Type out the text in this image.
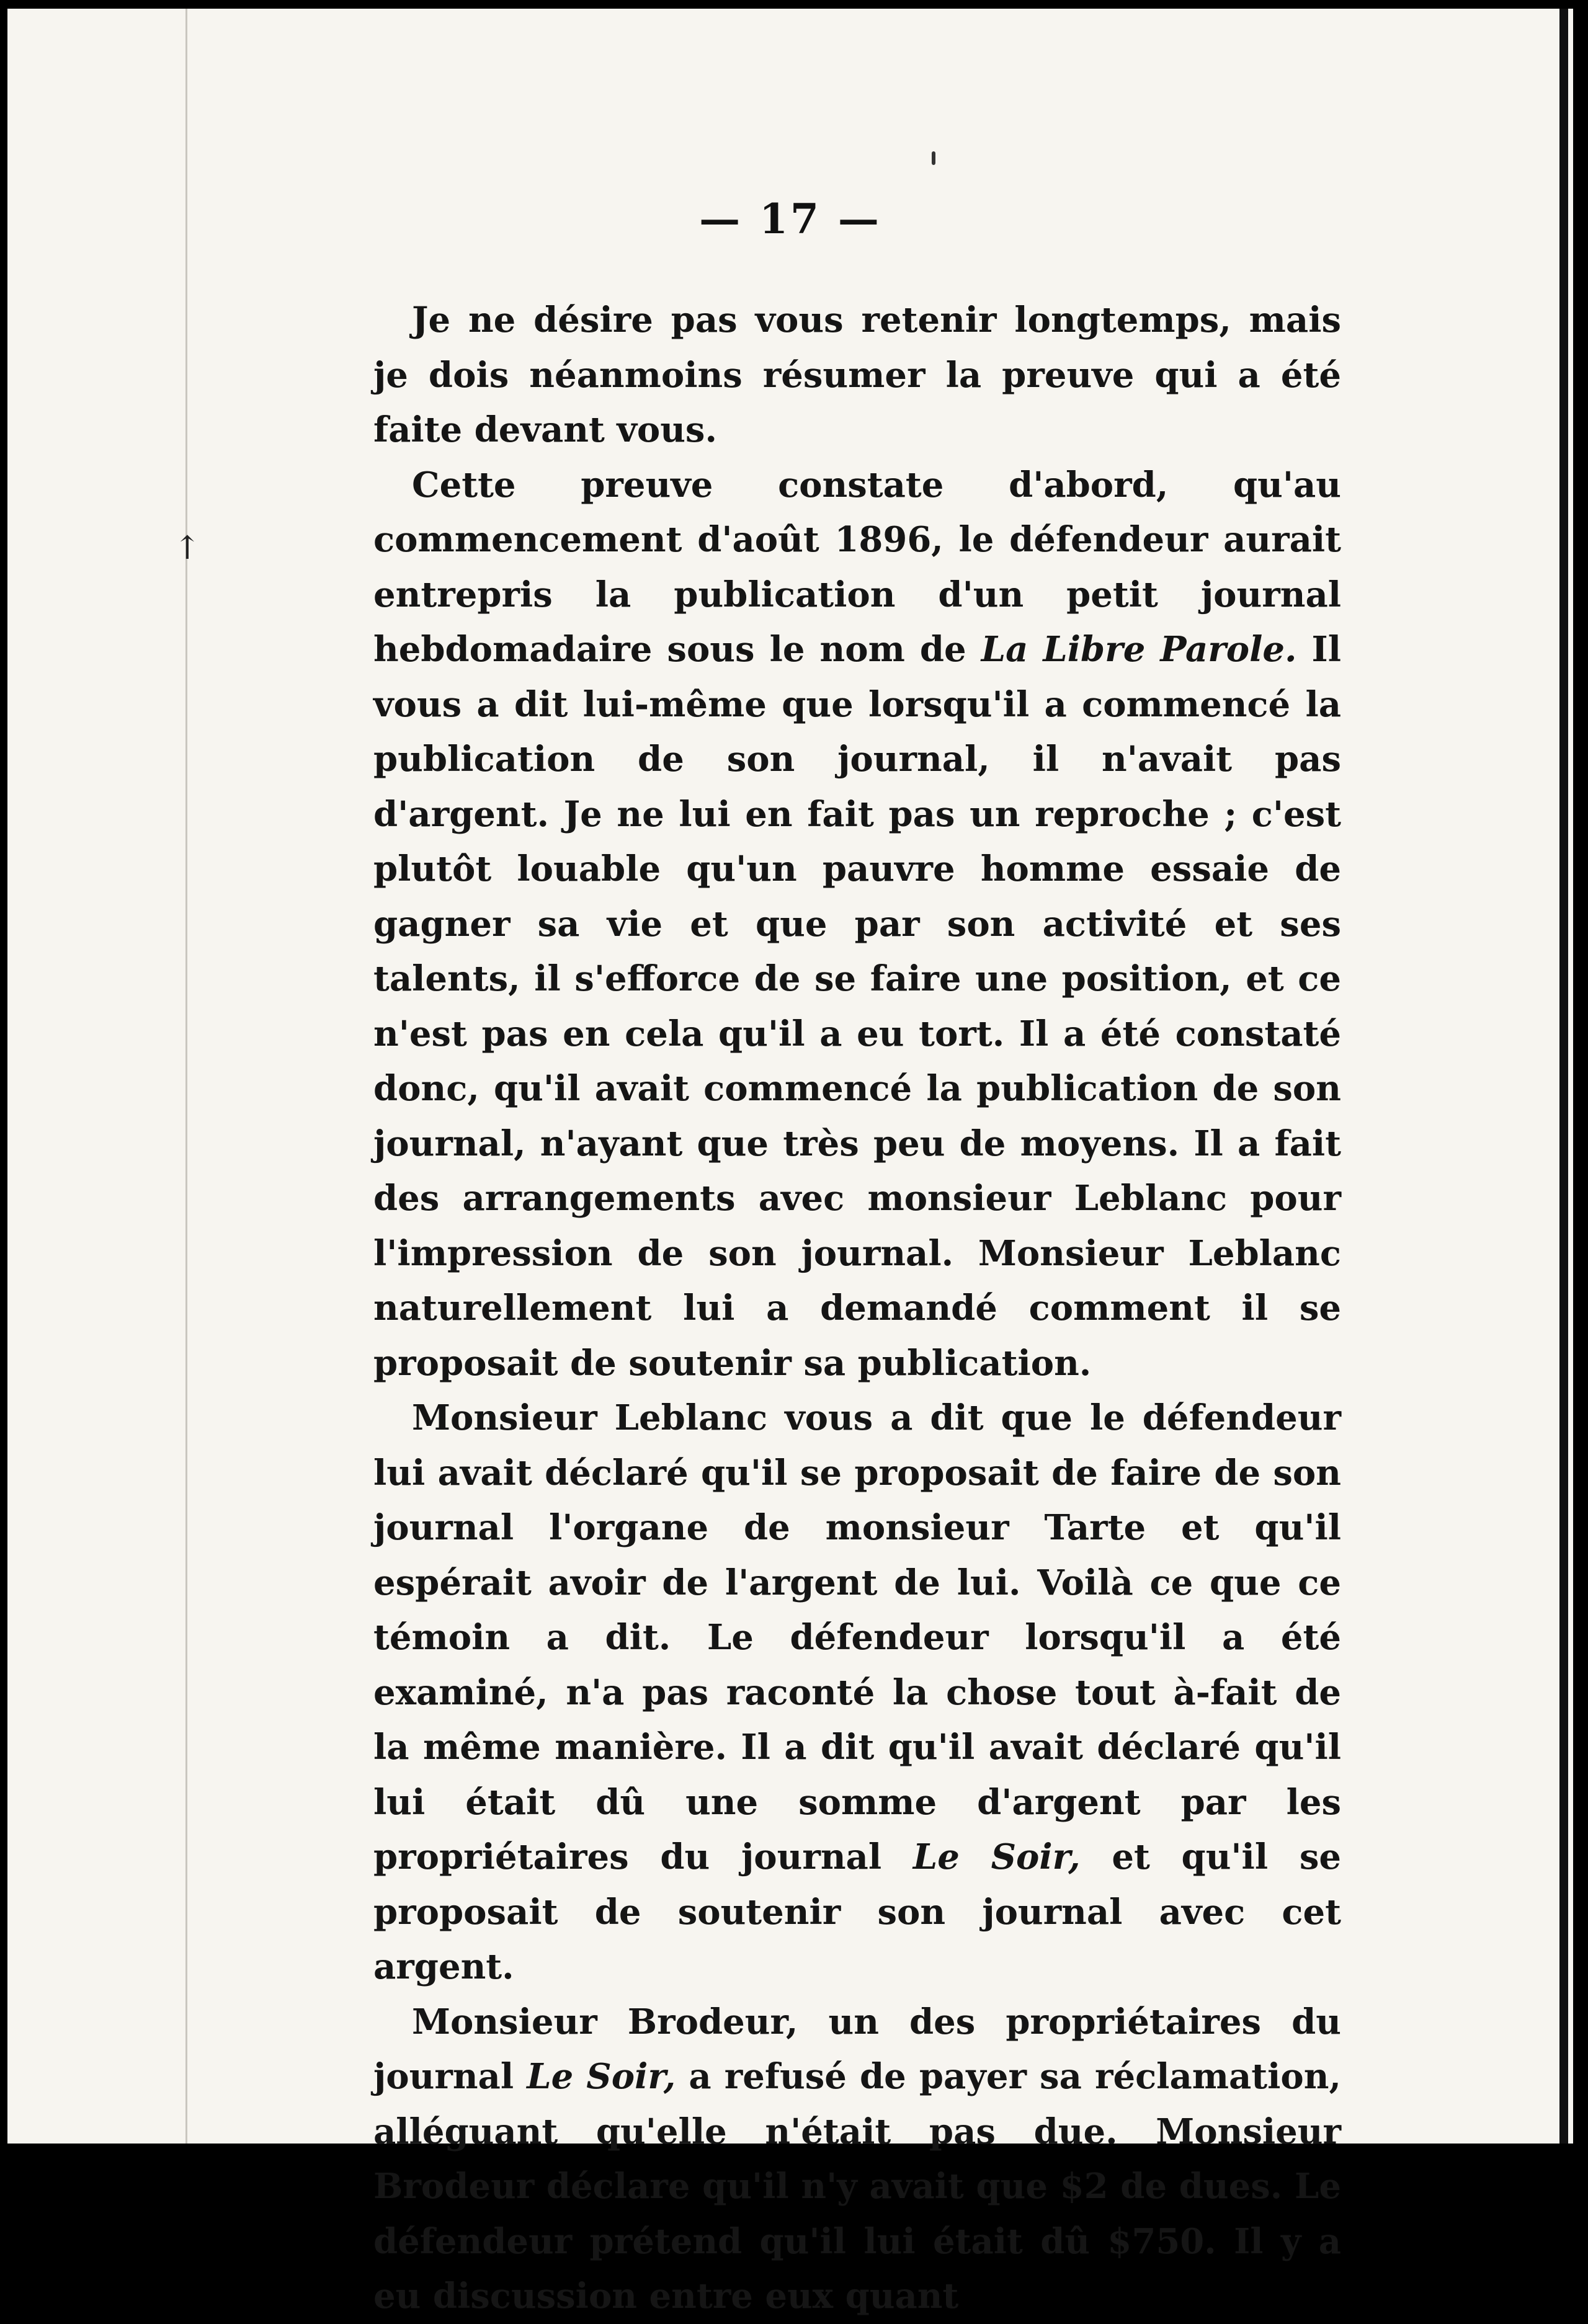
↑
— 17 —

Je ne désire pas vous retenir longtemps, mais je dois néanmoins résumer la preuve qui a été faite devant vous.

Cette preuve constate d'abord, qu'au commencement d'août 1896, le défendeur aurait entrepris la publication d'un petit journal hebdomadaire sous le nom de La Libre Parole. Il vous a dit lui-même que lorsqu'il a commencé la publication de son journal, il n'avait pas d'argent. Je ne lui en fait pas un reproche ; c'est plutôt louable qu'un pauvre homme essaie de gagner sa vie et que par son activité et ses talents, il s'efforce de se faire une position, et ce n'est pas en cela qu'il a eu tort. Il a été constaté donc, qu'il avait commencé la publication de son journal, n'ayant que très peu de moyens. Il a fait des arrangements avec monsieur Leblanc pour l'impression de son journal. Monsieur Leblanc naturellement lui a demandé comment il se proposait de soutenir sa publication.

Monsieur Leblanc vous a dit que le défendeur lui avait déclaré qu'il se proposait de faire de son journal l'organe de monsieur Tarte et qu'il espérait avoir de l'argent de lui. Voilà ce que ce témoin a dit. Le défendeur lorsqu'il a été examiné, n'a pas raconté la chose tout à-fait de la même manière. Il a dit qu'il avait déclaré qu'il lui était dû une somme d'argent par les propriétaires du journal Le Soir, et qu'il se proposait de soutenir son journal avec cet argent.

Monsieur Brodeur, un des propriétaires du journal Le Soir, a refusé de payer sa réclamation, alléguant qu'elle n'était pas due. Monsieur Brodeur déclare qu'il n'y avait que $2 de dues. Le défendeur prétend qu'il lui était dû $750. Il y a eu discussion entre eux quant
